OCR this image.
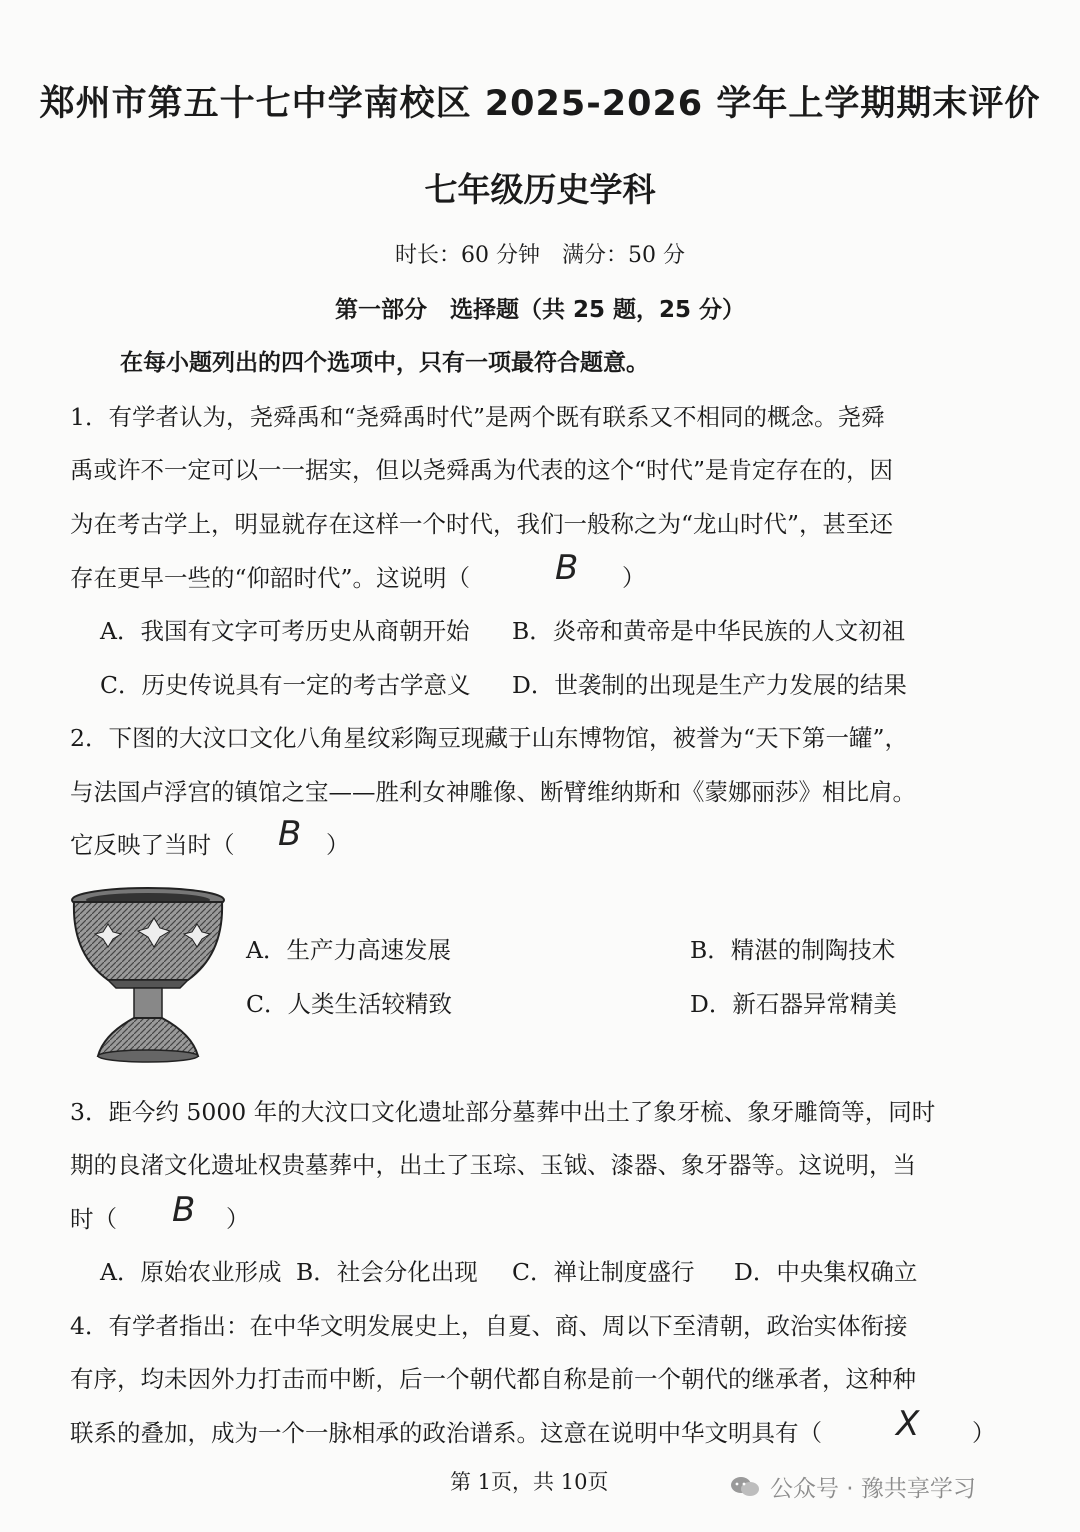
郑州市第五十七中学南校区 2025-2026 学年上学期期末评价
七年级历史学科
时长：60 分钟　满分：50 分
第一部分　选择题（共 25 题，25 分）
在每小题列出的四个选项中，只有一项最符合题意。
1．有学者认为，尧舜禹和“尧舜禹时代”是两个既有联系又不相同的概念。尧舜
禹或许不一定可以一一据实，但以尧舜禹为代表的这个“时代”是肯定存在的，因
为在考古学上，明显就存在这样一个时代，我们一般称之为“龙山时代”，甚至还
存在更早一些的“仰韶时代”。这说明（ B ）
A．我国有文字可考历史从商朝开始 B．炎帝和黄帝是中华民族的人文初祖
C．历史传说具有一定的考古学意义 D．世袭制的出现是生产力发展的结果
2．下图的大汶口文化八角星纹彩陶豆现藏于山东博物馆，被誉为“天下第一罐”，
与法国卢浮宫的镇馆之宝——胜利女神雕像、断臂维纳斯和《蒙娜丽莎》相比肩。
它反映了当时（ B ）
A．生产力高速发展	B．精湛的制陶技术
C．人类生活较精致	D．新石器异常精美
3．距今约 5000 年的大汶口文化遗址部分墓葬中出土了象牙梳、象牙雕筒等，同时
期的良渚文化遗址权贵墓葬中，出土了玉琮、玉钺、漆器、象牙器等。这说明，当
时（ B ）
A．原始农业形成 B．社会分化出现 C．禅让制度盛行 D．中央集权确立
4．有学者指出：在中华文明发展史上，自夏、商、周以下至清朝，政治实体衔接
有序，均未因外力打击而中断，后一个朝代都自称是前一个朝代的继承者，这种种
联系的叠加，成为一个一脉相承的政治谱系。这意在说明中华文明具有（ X ）
第 1页，共 10页	公众号 · 豫共享学习
